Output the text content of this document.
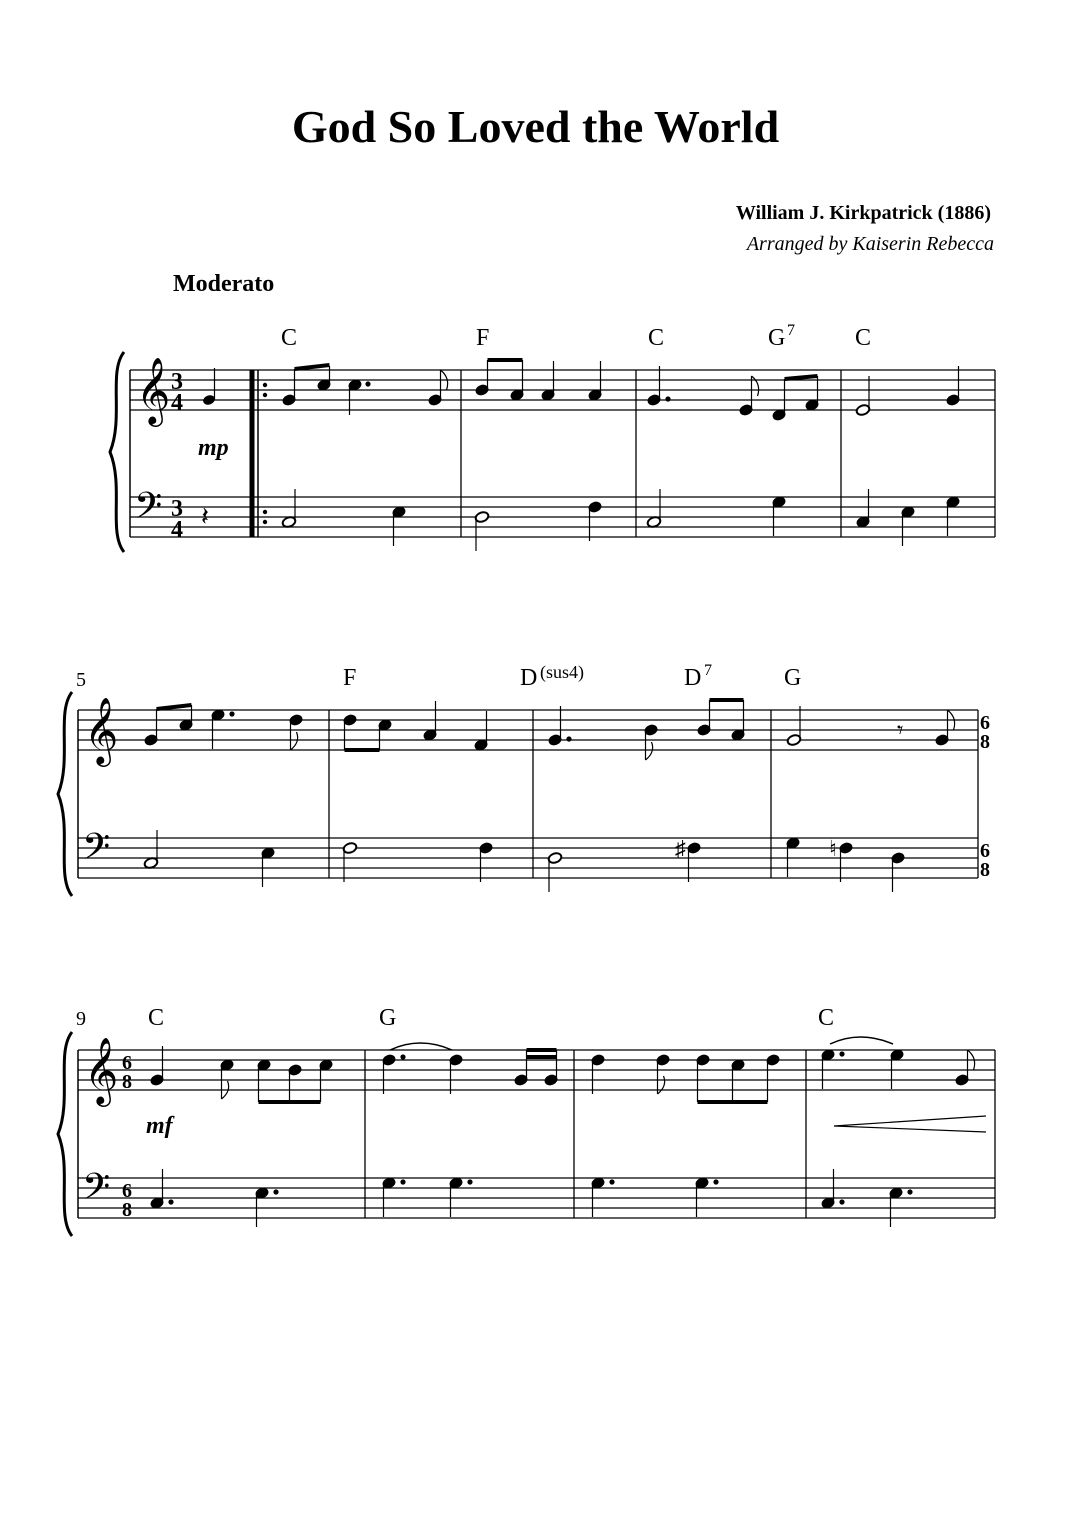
God So Loved the World
William J. Kirkpatrick (1886)
Arranged by Kaiserin Rebecca
Moderato
𝄞
𝄢
3
4
3
4 𝄽
mp
C	F	C	G 7	C
𝄞
𝄢
5
𝄾	6
8
6
8
♯	♮
F	D (sus4)	D 7	G
𝄞
𝄢
9
6
8
6
8
mf
C	G	C
